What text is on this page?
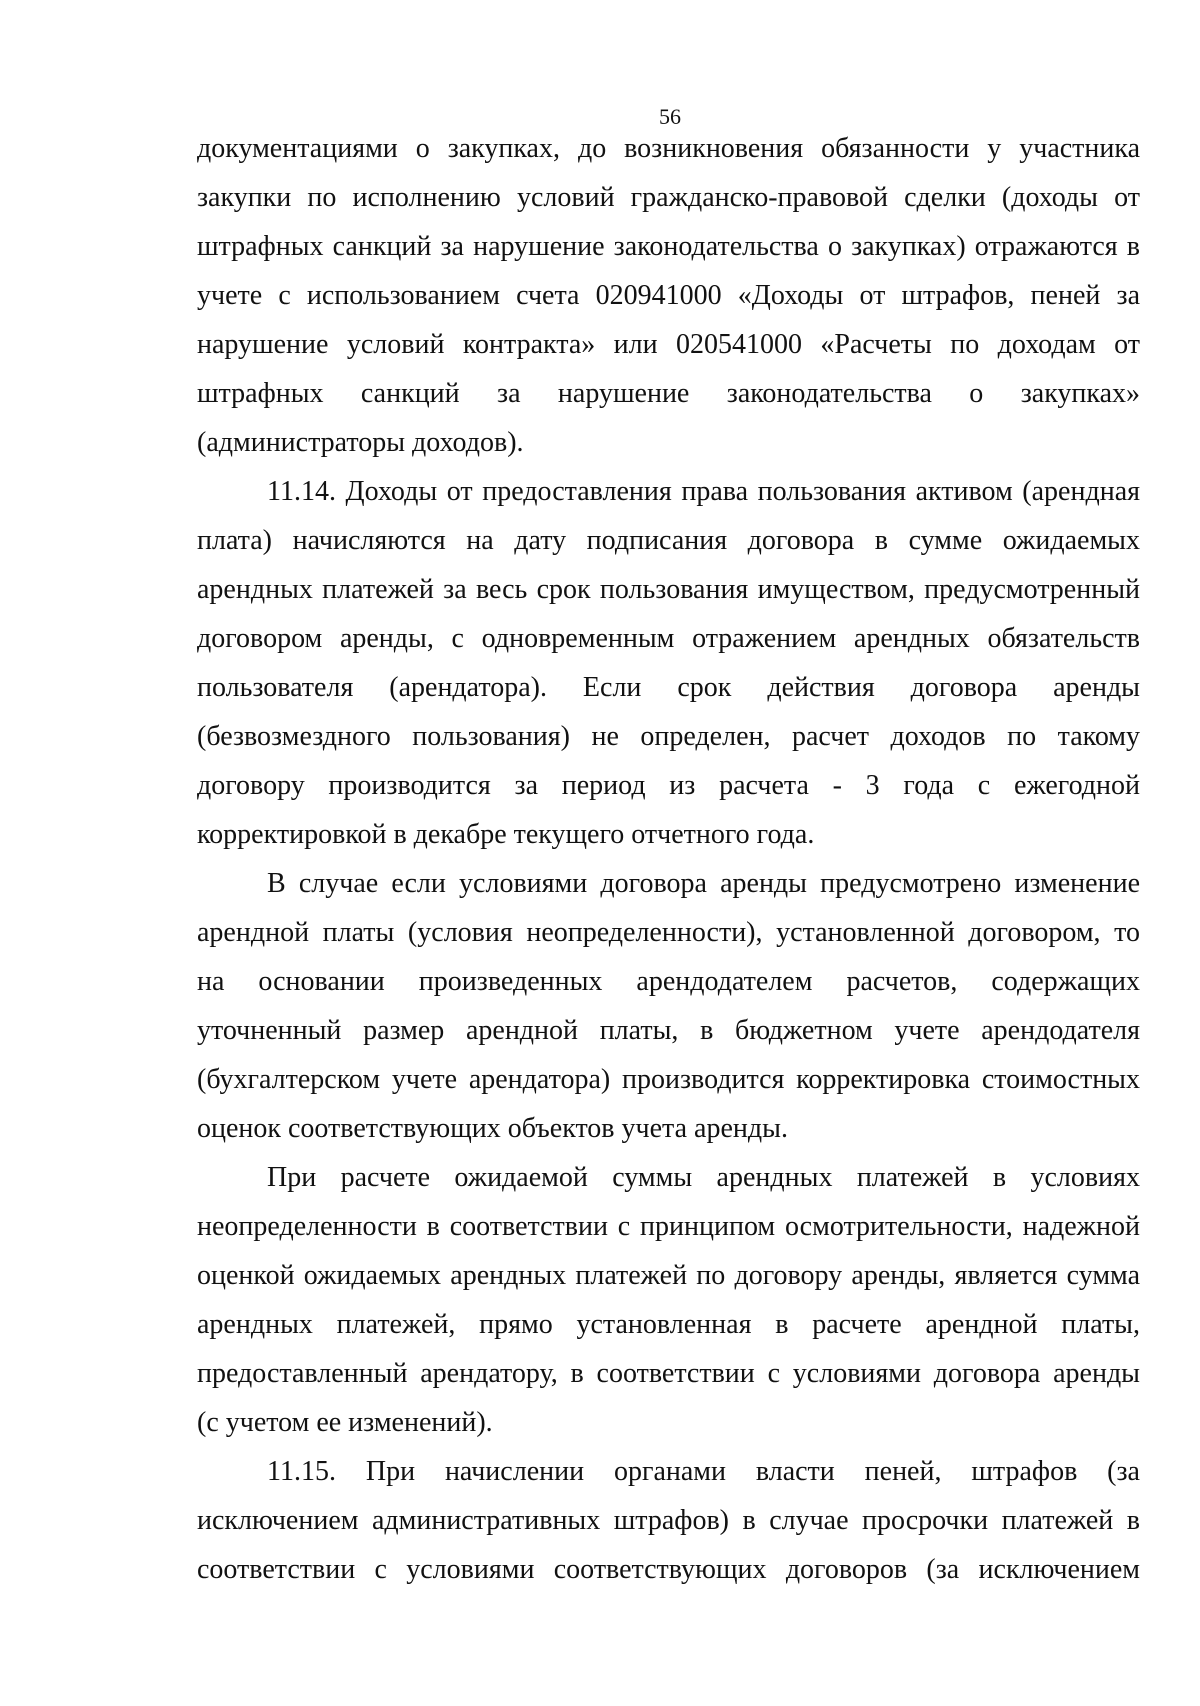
56
документациями о закупках, до возникновения обязанности у участника
закупки по исполнению условий гражданско-правовой сделки (доходы от
штрафных санкций за нарушение законодательства о закупках) отражаются в
учете с использованием счета 020941000 «Доходы от штрафов, пеней за
нарушение условий контракта» или 020541000 «Расчеты по доходам от
штрафных санкций за нарушение законодательства о закупках»
(администраторы доходов).
11.14. Доходы от предоставления права пользования активом (арендная
плата) начисляются на дату подписания договора в сумме ожидаемых
арендных платежей за весь срок пользования имуществом, предусмотренный
договором аренды, с одновременным отражением арендных обязательств
пользователя (арендатора). Если срок действия договора аренды
(безвозмездного пользования) не определен, расчет доходов по такому
договору производится за период из расчета - 3 года с ежегодной
корректировкой в декабре текущего отчетного года.
В случае если условиями договора аренды предусмотрено изменение
арендной платы (условия неопределенности), установленной договором, то
на основании произведенных арендодателем расчетов, содержащих
уточненный размер арендной платы, в бюджетном учете арендодателя
(бухгалтерском учете арендатора) производится корректировка стоимостных
оценок соответствующих объектов учета аренды.
При расчете ожидаемой суммы арендных платежей в условиях
неопределенности в соответствии с принципом осмотрительности, надежной
оценкой ожидаемых арендных платежей по договору аренды, является сумма
арендных платежей, прямо установленная в расчете арендной платы,
предоставленный арендатору, в соответствии с условиями договора аренды
(с учетом ее изменений).
11.15. При начислении органами власти пеней, штрафов (за
исключением административных штрафов) в случае просрочки платежей в
соответствии с условиями соответствующих договоров (за исключением
